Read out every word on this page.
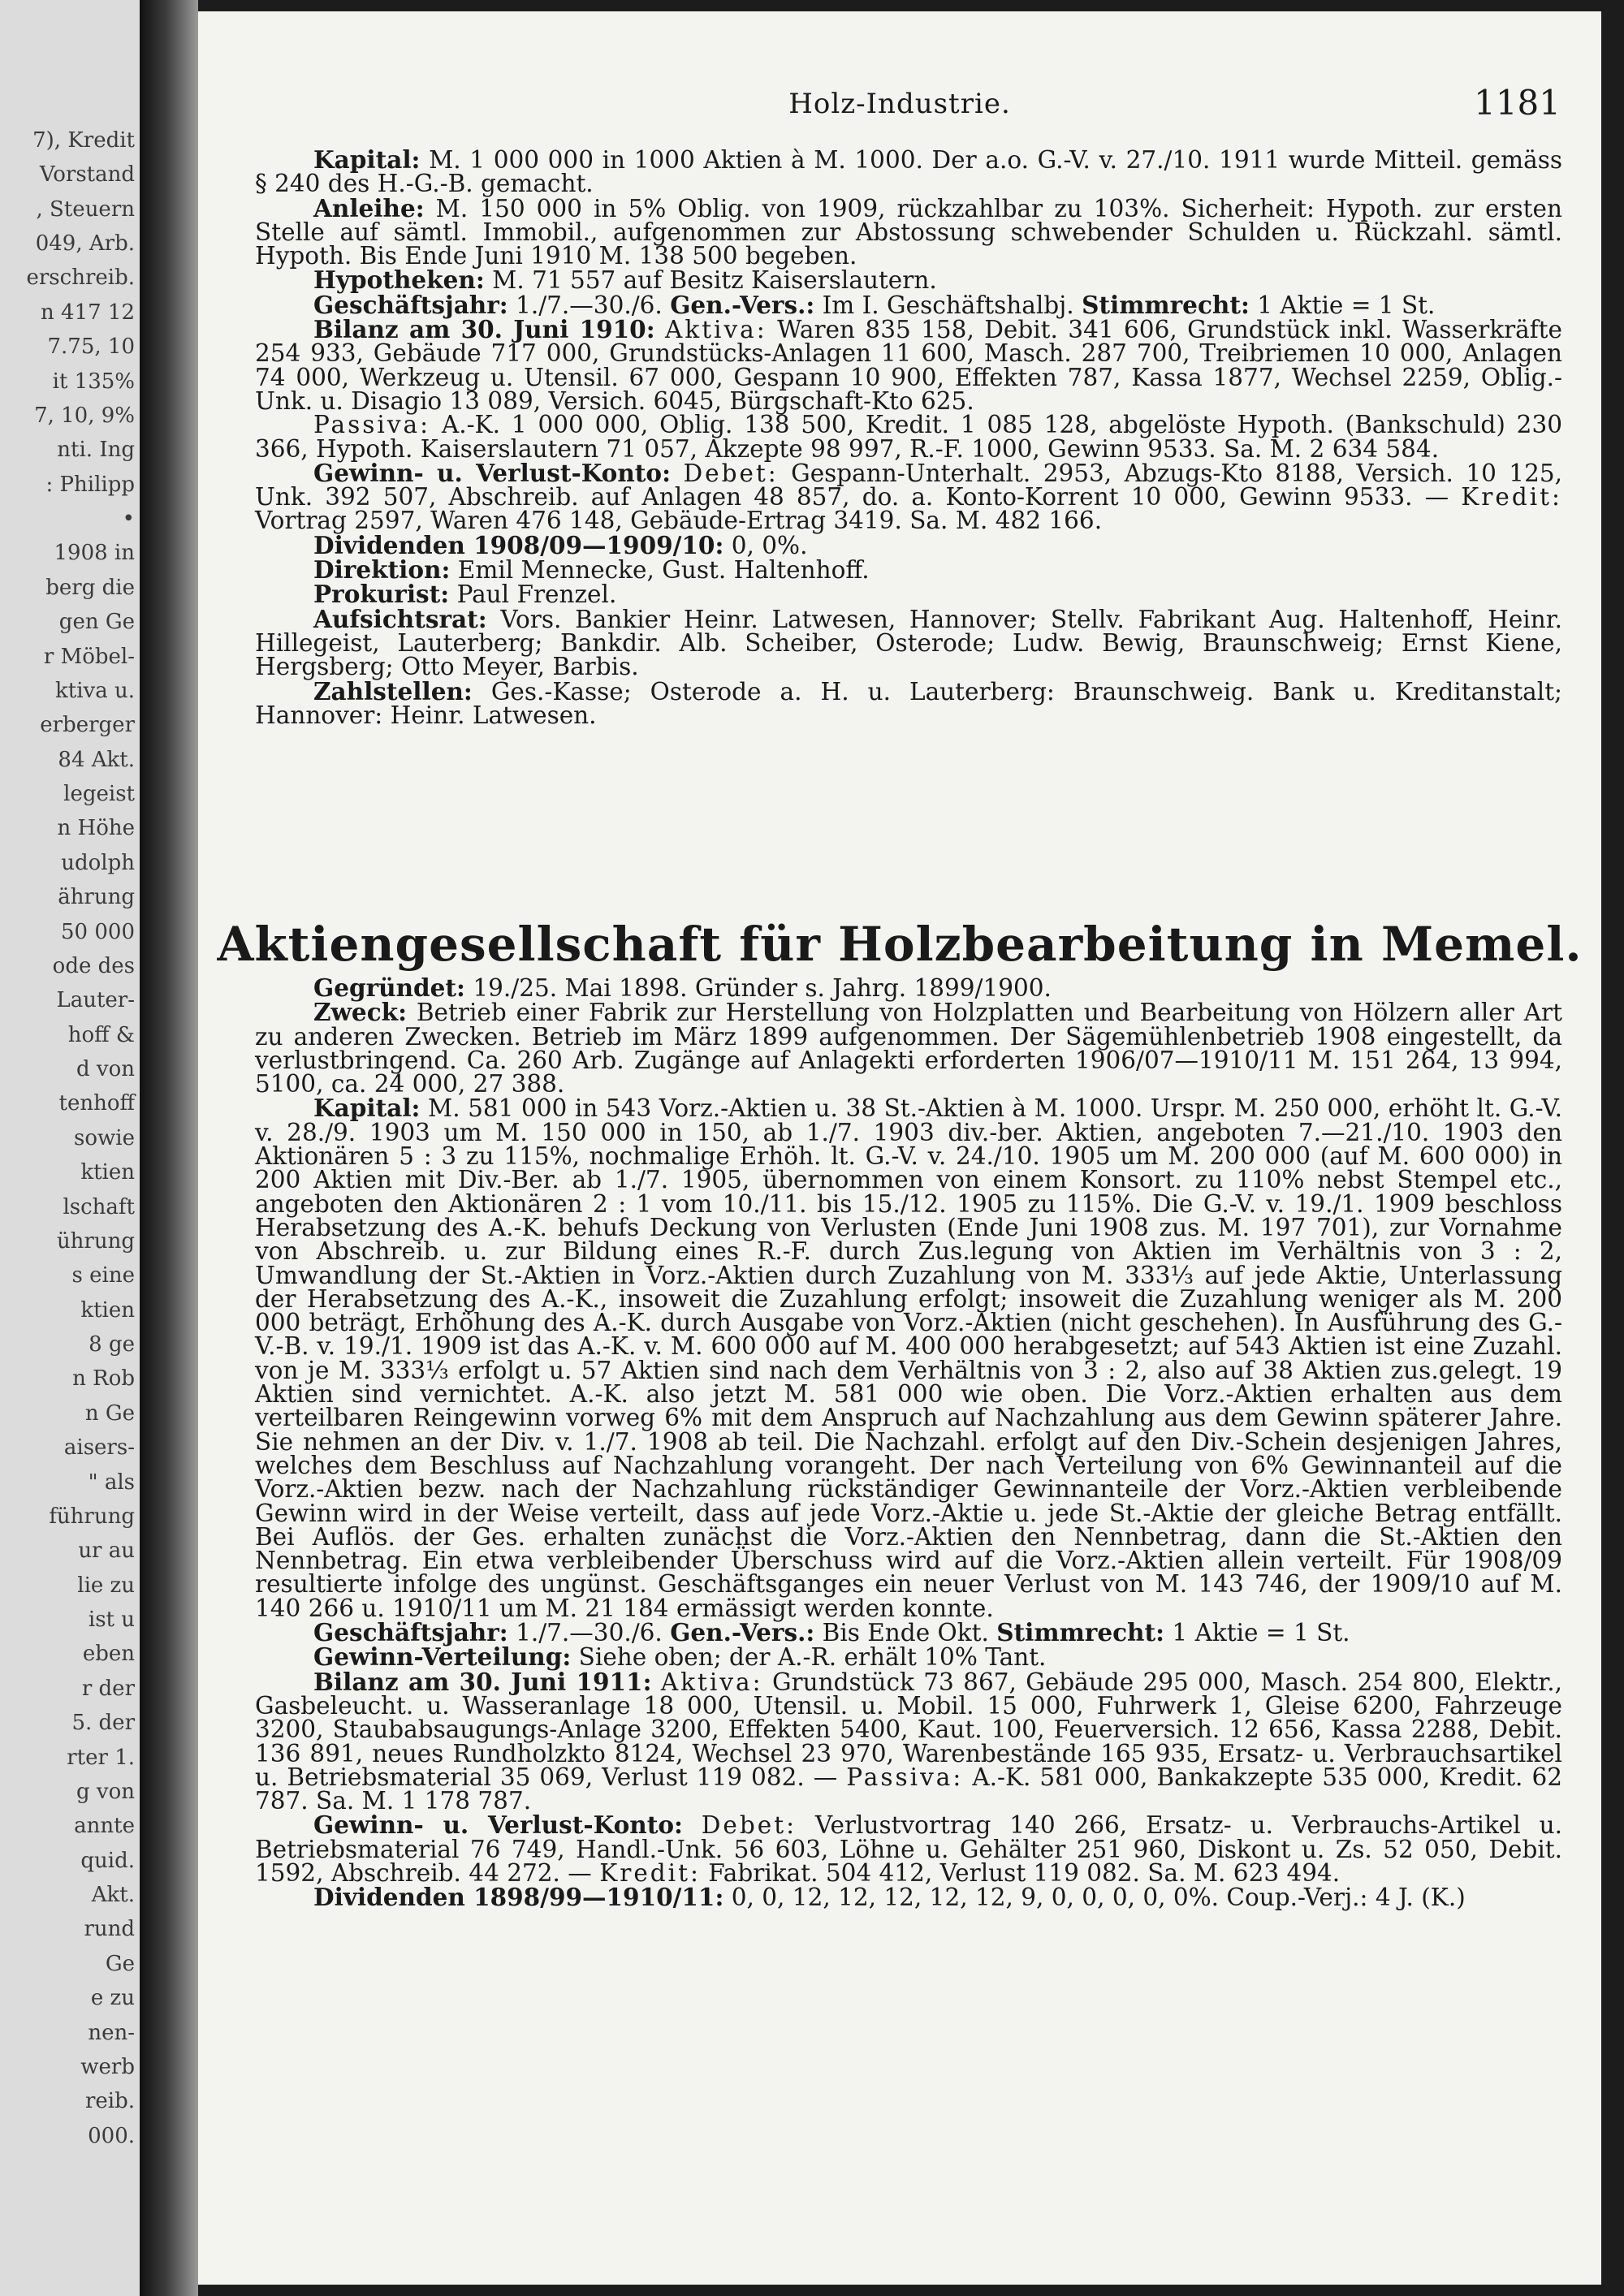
7), Kredit
Vorstand
, Steuern
049, Arb.
erschreib.
n 417 12
7.75, 10
it 135%
7, 10, 9%
nti. Ing
: Philipp
•
1908 in
berg die
gen Ge
r Möbel-
ktiva u.
erberger
84 Akt.
legeist
n Höhe
udolph
ährung
50 000
ode des
Lauter-
hoff &
d von
tenhoff
sowie
ktien
lschaft
ührung
s eine
ktien
8 ge
n Rob
n Ge
aisers-
" als
führung
ur au
lie zu
ist u
eben
r der
5. der
rter 1.
g von
annte
quid.
Akt.
rund
Ge
e zu
nen-
werb
reib.
000.
Holz-Industrie.	1181

Kapital: M. 1 000 000 in 1000 Aktien à M. 1000. Der a.o. G.-V. v. 27./10. 1911 wurde Mitteil. gemäss § 240 des H.-G.-B. gemacht.

Anleihe: M. 150 000 in 5% Oblig. von 1909, rückzahlbar zu 103%. Sicherheit: Hypoth. zur ersten Stelle auf sämtl. Immobil., aufgenommen zur Abstossung schwebender Schulden u. Rückzahl. sämtl. Hypoth. Bis Ende Juni 1910 M. 138 500 begeben.

Hypotheken: M. 71 557 auf Besitz Kaiserslautern.

Geschäftsjahr: 1./7.—30./6. Gen.-Vers.: Im I. Geschäftshalbj. Stimmrecht: 1 Aktie = 1 St.

Bilanz am 30. Juni 1910: Aktiva: Waren 835 158, Debit. 341 606, Grundstück inkl. Wasserkräfte 254 933, Gebäude 717 000, Grundstücks-Anlagen 11 600, Masch. 287 700, Treibriemen 10 000, Anlagen 74 000, Werkzeug u. Utensil. 67 000, Gespann 10 900, Effekten 787, Kassa 1877, Wechsel 2259, Oblig.-Unk. u. Disagio 13 089, Versich. 6045, Bürgschaft-Kto 625.

Passiva: A.-K. 1 000 000, Oblig. 138 500, Kredit. 1 085 128, abgelöste Hypoth. (Bankschuld) 230 366, Hypoth. Kaiserslautern 71 057, Akzepte 98 997, R.-F. 1000, Gewinn 9533. Sa. M. 2 634 584.

Gewinn- u. Verlust-Konto: Debet: Gespann-Unterhalt. 2953, Abzugs-Kto 8188, Versich. 10 125, Unk. 392 507, Abschreib. auf Anlagen 48 857, do. a. Konto-Korrent 10 000, Gewinn 9533. — Kredit: Vortrag 2597, Waren 476 148, Gebäude-Ertrag 3419. Sa. M. 482 166.

Dividenden 1908/09—1909/10: 0, 0%.

Direktion: Emil Mennecke, Gust. Haltenhoff.

Prokurist: Paul Frenzel.

Aufsichtsrat: Vors. Bankier Heinr. Latwesen, Hannover; Stellv. Fabrikant Aug. Haltenhoff, Heinr. Hillegeist, Lauterberg; Bankdir. Alb. Scheiber, Osterode; Ludw. Bewig, Braunschweig; Ernst Kiene, Hergsberg; Otto Meyer, Barbis.

Zahlstellen: Ges.-Kasse; Osterode a. H. u. Lauterberg: Braunschweig. Bank u. Kreditanstalt; Hannover: Heinr. Latwesen.

Aktiengesellschaft für Holzbearbeitung in Memel.

Gegründet: 19./25. Mai 1898. Gründer s. Jahrg. 1899/1900.

Zweck: Betrieb einer Fabrik zur Herstellung von Holzplatten und Bearbeitung von Hölzern aller Art zu anderen Zwecken. Betrieb im März 1899 aufgenommen. Der Sägemühlenbetrieb 1908 eingestellt, da verlustbringend. Ca. 260 Arb. Zugänge auf Anlagekti erforderten 1906/07—1910/11 M. 151 264, 13 994, 5100, ca. 24 000, 27 388.

Kapital: M. 581 000 in 543 Vorz.-Aktien u. 38 St.-Aktien à M. 1000. Urspr. M. 250 000, erhöht lt. G.-V. v. 28./9. 1903 um M. 150 000 in 150, ab 1./7. 1903 div.-ber. Aktien, angeboten 7.—21./10. 1903 den Aktionären 5 : 3 zu 115%, nochmalige Erhöh. lt. G.-V. v. 24./10. 1905 um M. 200 000 (auf M. 600 000) in 200 Aktien mit Div.-Ber. ab 1./7. 1905, übernommen von einem Konsort. zu 110% nebst Stempel etc., angeboten den Aktionären 2 : 1 vom 10./11. bis 15./12. 1905 zu 115%. Die G.-V. v. 19./1. 1909 beschloss Herabsetzung des A.-K. behufs Deckung von Verlusten (Ende Juni 1908 zus. M. 197 701), zur Vornahme von Abschreib. u. zur Bildung eines R.-F. durch Zus.legung von Aktien im Verhältnis von 3 : 2, Umwandlung der St.-Aktien in Vorz.-Aktien durch Zuzahlung von M. 333⅓ auf jede Aktie, Unterlassung der Herabsetzung des A.-K., insoweit die Zuzahlung erfolgt; insoweit die Zuzahlung weniger als M. 200 000 beträgt, Erhöhung des A.-K. durch Ausgabe von Vorz.-Aktien (nicht geschehen). In Ausführung des G.-V.-B. v. 19./1. 1909 ist das A.-K. v. M. 600 000 auf M. 400 000 herabgesetzt; auf 543 Aktien ist eine Zuzahl. von je M. 333⅓ erfolgt u. 57 Aktien sind nach dem Verhältnis von 3 : 2, also auf 38 Aktien zus.gelegt. 19 Aktien sind vernichtet. A.-K. also jetzt M. 581 000 wie oben. Die Vorz.-Aktien erhalten aus dem verteilbaren Reingewinn vorweg 6% mit dem Anspruch auf Nachzahlung aus dem Gewinn späterer Jahre. Sie nehmen an der Div. v. 1./7. 1908 ab teil. Die Nachzahl. erfolgt auf den Div.-Schein desjenigen Jahres, welches dem Beschluss auf Nachzahlung vorangeht. Der nach Verteilung von 6% Gewinnanteil auf die Vorz.-Aktien bezw. nach der Nachzahlung rückständiger Gewinnanteile der Vorz.-Aktien verbleibende Gewinn wird in der Weise verteilt, dass auf jede Vorz.-Aktie u. jede St.-Aktie der gleiche Betrag entfällt. Bei Auflös. der Ges. erhalten zunächst die Vorz.-Aktien den Nennbetrag, dann die St.-Aktien den Nennbetrag. Ein etwa verbleibender Überschuss wird auf die Vorz.-Aktien allein verteilt. Für 1908/09 resultierte infolge des ungünst. Geschäftsganges ein neuer Verlust von M. 143 746, der 1909/10 auf M. 140 266 u. 1910/11 um M. 21 184 ermässigt werden konnte.

Geschäftsjahr: 1./7.—30./6. Gen.-Vers.: Bis Ende Okt. Stimmrecht: 1 Aktie = 1 St.

Gewinn-Verteilung: Siehe oben; der A.-R. erhält 10% Tant.

Bilanz am 30. Juni 1911: Aktiva: Grundstück 73 867, Gebäude 295 000, Masch. 254 800, Elektr., Gasbeleucht. u. Wasseranlage 18 000, Utensil. u. Mobil. 15 000, Fuhrwerk 1, Gleise 6200, Fahrzeuge 3200, Staubabsaugungs-Anlage 3200, Effekten 5400, Kaut. 100, Feuerversich. 12 656, Kassa 2288, Debit. 136 891, neues Rundholzkto 8124, Wechsel 23 970, Warenbestände 165 935, Ersatz- u. Verbrauchsartikel u. Betriebsmaterial 35 069, Verlust 119 082. — Passiva: A.-K. 581 000, Bankakzepte 535 000, Kredit. 62 787. Sa. M. 1 178 787.

Gewinn- u. Verlust-Konto: Debet: Verlustvortrag 140 266, Ersatz- u. Verbrauchs-Artikel u. Betriebsmaterial 76 749, Handl.-Unk. 56 603, Löhne u. Gehälter 251 960, Diskont u. Zs. 52 050, Debit. 1592, Abschreib. 44 272. — Kredit: Fabrikat. 504 412, Verlust 119 082. Sa. M. 623 494.

Dividenden 1898/99—1910/11: 0, 0, 12, 12, 12, 12, 12, 9, 0, 0, 0, 0, 0%. Coup.-Verj.: 4 J. (K.)
